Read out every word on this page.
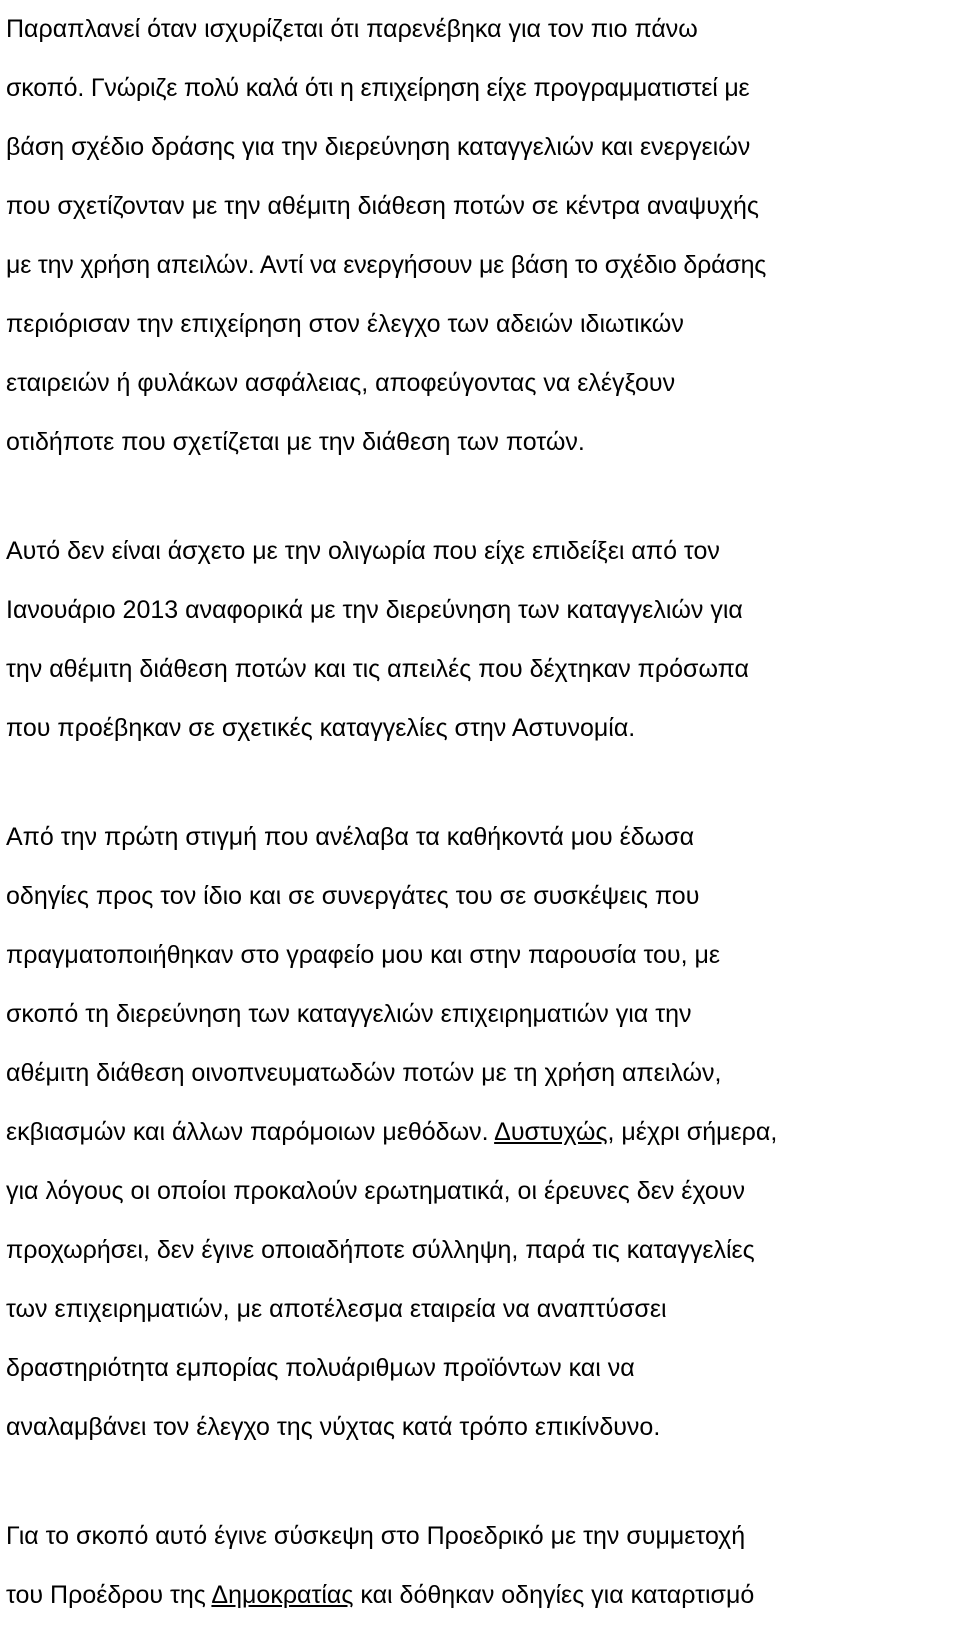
Παραπλανεί όταν ισχυρίζεται ότι παρενέβηκα για τον πιο πάνω
σκοπό. Γνώριζε πολύ καλά ότι η επιχείρηση είχε προγραμματιστεί με
βάση σχέδιο δράσης για την διερεύνηση καταγγελιών και ενεργειών
που σχετίζονταν με την αθέμιτη διάθεση ποτών σε κέντρα αναψυχής
με την χρήση απειλών. Αντί να ενεργήσουν με βάση το σχέδιο δράσης
περιόρισαν την επιχείρηση στον έλεγχο των αδειών ιδιωτικών
εταιρειών ή φυλάκων ασφάλειας, αποφεύγοντας να ελέγξουν
οτιδήποτε που σχετίζεται με την διάθεση των ποτών.

Αυτό δεν είναι άσχετο με την ολιγωρία που είχε επιδείξει από τον
Ιανουάριο 2013 αναφορικά με την διερεύνηση των καταγγελιών για
την αθέμιτη διάθεση ποτών και τις απειλές που δέχτηκαν πρόσωπα
που προέβηκαν σε σχετικές καταγγελίες στην Αστυνομία.

Από την πρώτη στιγμή που ανέλαβα τα καθήκοντά μου έδωσα
οδηγίες προς τον ίδιο και σε συνεργάτες του σε συσκέψεις που
πραγματοποιήθηκαν στο γραφείο μου και στην παρουσία του, με
σκοπό τη διερεύνηση των καταγγελιών επιχειρηματιών για την
αθέμιτη διάθεση οινοπνευματωδών ποτών με τη χρήση απειλών,
εκβιασμών και άλλων παρόμοιων μεθόδων. Δυστυχώς, μέχρι σήμερα,
για λόγους οι οποίοι προκαλούν ερωτηματικά, οι έρευνες δεν έχουν
προχωρήσει, δεν έγινε οποιαδήποτε σύλληψη, παρά τις καταγγελίες
των επιχειρηματιών, με αποτέλεσμα εταιρεία να αναπτύσσει
δραστηριότητα εμπορίας πολυάριθμων προϊόντων και να
αναλαμβάνει τον έλεγχο της νύχτας κατά τρόπο επικίνδυνο.

Για το σκοπό αυτό έγινε σύσκεψη στο Προεδρικό με την συμμετοχή
του Προέδρου της Δημοκρατίας και δόθηκαν οδηγίες για καταρτισμό
